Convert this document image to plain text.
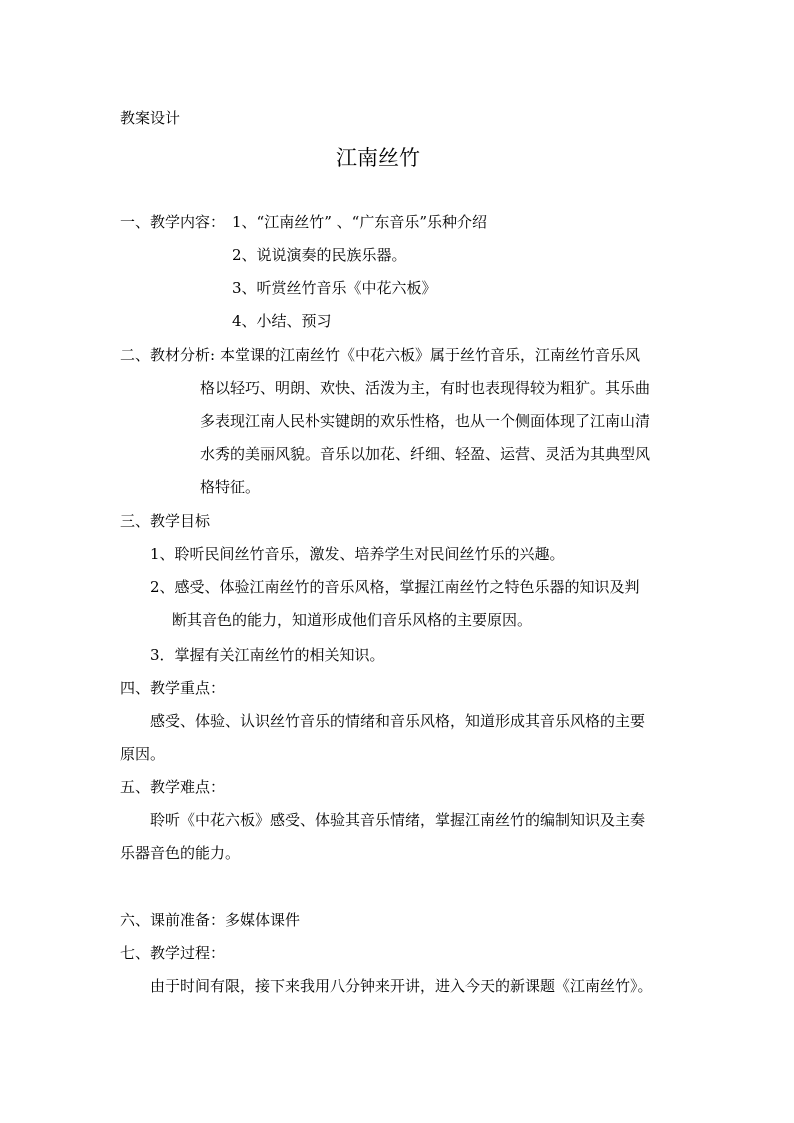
教案设计
江南丝竹
一、教学内容： 1、“江南丝竹” 、“广东音乐”乐种介绍
2、说说演奏的民族乐器。
3、听赏丝竹音乐《中花六板》
4、小结、预习
二、教材分析: 本堂课的江南丝竹《中花六板》属于丝竹音乐，江南丝竹音乐风
格以轻巧、明朗、欢快、活泼为主，有时也表现得较为粗犷。其乐曲
多表现江南人民朴实键朗的欢乐性格，也从一个侧面体现了江南山清
水秀的美丽风貌。音乐以加花、纤细、轻盈、运营、灵活为其典型风
格特征。
三、教学目标
1、聆听民间丝竹音乐，激发、培养学生对民间丝竹乐的兴趣。
2、感受、体验江南丝竹的音乐风格，掌握江南丝竹之特色乐器的知识及判
断其音色的能力，知道形成他们音乐风格的主要原因。
3．掌握有关江南丝竹的相关知识。
四、教学重点：
感受、体验、认识丝竹音乐的情绪和音乐风格，知道形成其音乐风格的主要
原因。
五、教学难点：
聆听《中花六板》感受、体验其音乐情绪，掌握江南丝竹的编制知识及主奏
乐器音色的能力。
六、课前准备：多媒体课件
七、教学过程：
由于时间有限，接下来我用八分钟来开讲，进入今天的新课题《江南丝竹》。
